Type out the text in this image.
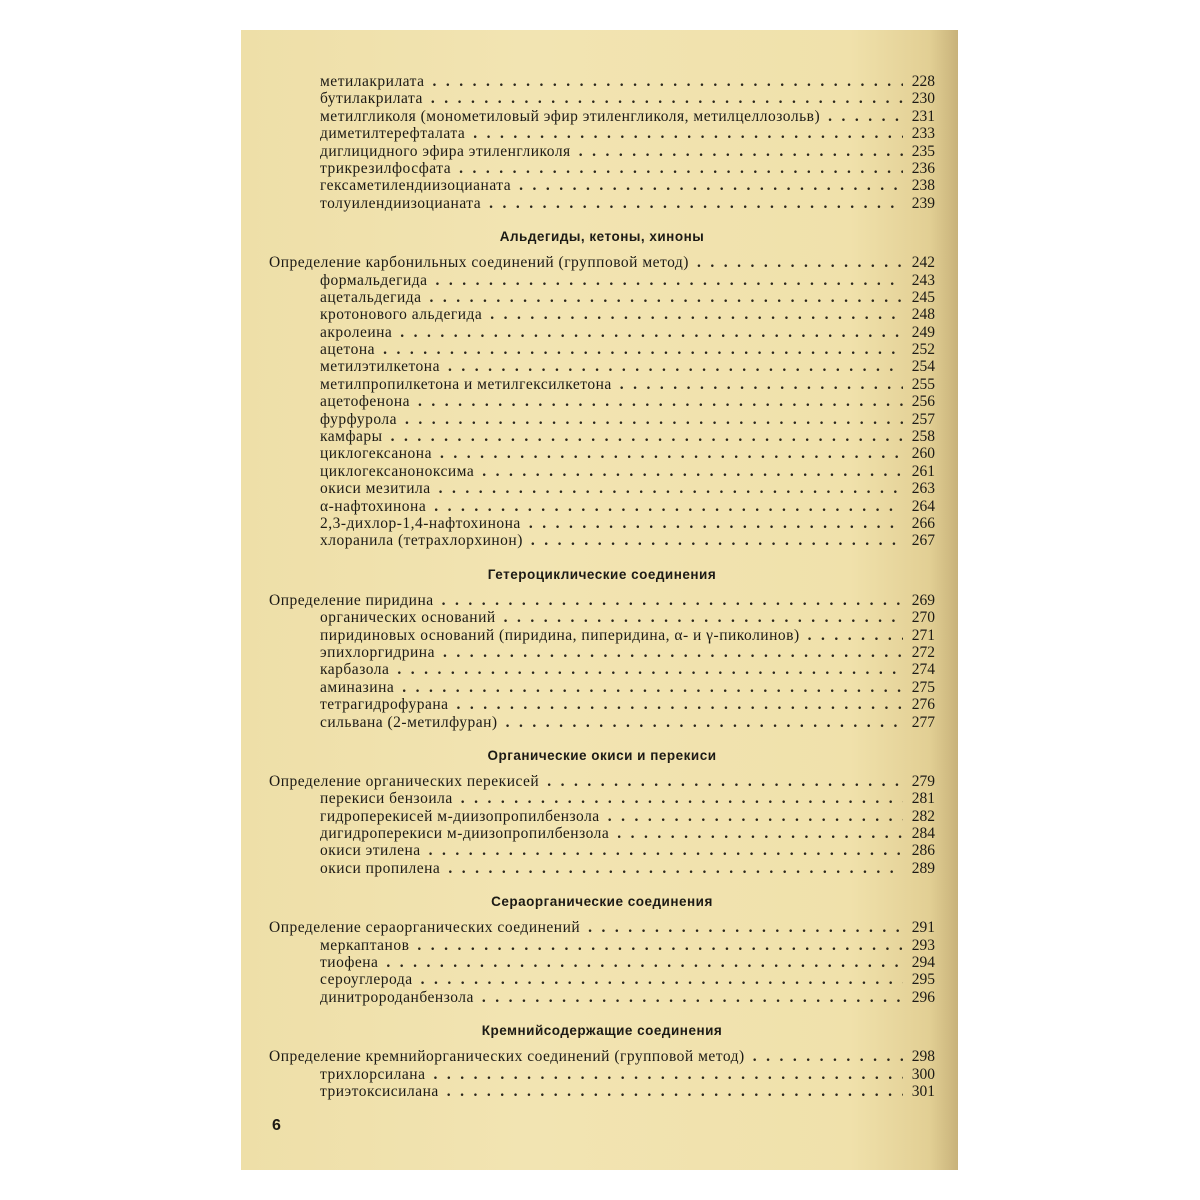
метилакрилата .....	228
бутилакрилата .....	230
метилгликоля (монометиловый эфир этиленгликоля, метилцеллозольв) .....	231
диметилтерефталата .....	233
диглицидного эфира этиленгликоля .....	235
трикрезилфосфата .....	236
гексаметилендиизоцианата .....	238
толуилендиизоцианата .....	239
Альдегиды, кетоны, хиноны
Определение карбонильных соединений (групповой метод) .....	242
формальдегида .....	243
ацетальдегида .....	245
кротонового альдегида .....	248
акролеина .....	249
ацетона .....	252
метилэтилкетона .....	254
метилпропилкетона и метилгексилкетона .....	255
ацетофенона .....	256
фурфурола .....	257
камфары .....	258
циклогексанона .....	260
циклогексаноноксима .....	261
окиси мезитила .....	263
α-нафтохинона .....	264
2,3-дихлор-1,4-нафтохинона .....	266
хлоранила (тетрахлорхинон) .....	267
Гетероциклические соединения
Определение пиридина .....	269
органических оснований .....	270
пиридиновых оснований (пиридина, пиперидина, α- и γ-пиколинов) .....	271
эпихлоргидрина .....	272
карбазола .....	274
аминазина .....	275
тетрагидрофурана .....	276
сильвана (2-метилфуран) .....	277
Органические окиси и перекиси
Определение органических перекисей .....	279
перекиси бензоила .....	281
гидроперекисей м-диизопропилбензола .....	282
дигидроперекиси м-диизопропилбензола .....	284
окиси этилена .....	286
окиси пропилена .....	289
Сераорганические соединения
Определение сераорганических соединений .....	291
меркаптанов .....	293
тиофена .....	294
сероуглерода .....	295
динитророданбензола .....	296
Кремнийсодержащие соединения
Определение кремнийорганических соединений (групповой метод) .....	298
трихлорсилана .....	300
триэтоксисилана .....	301
6
